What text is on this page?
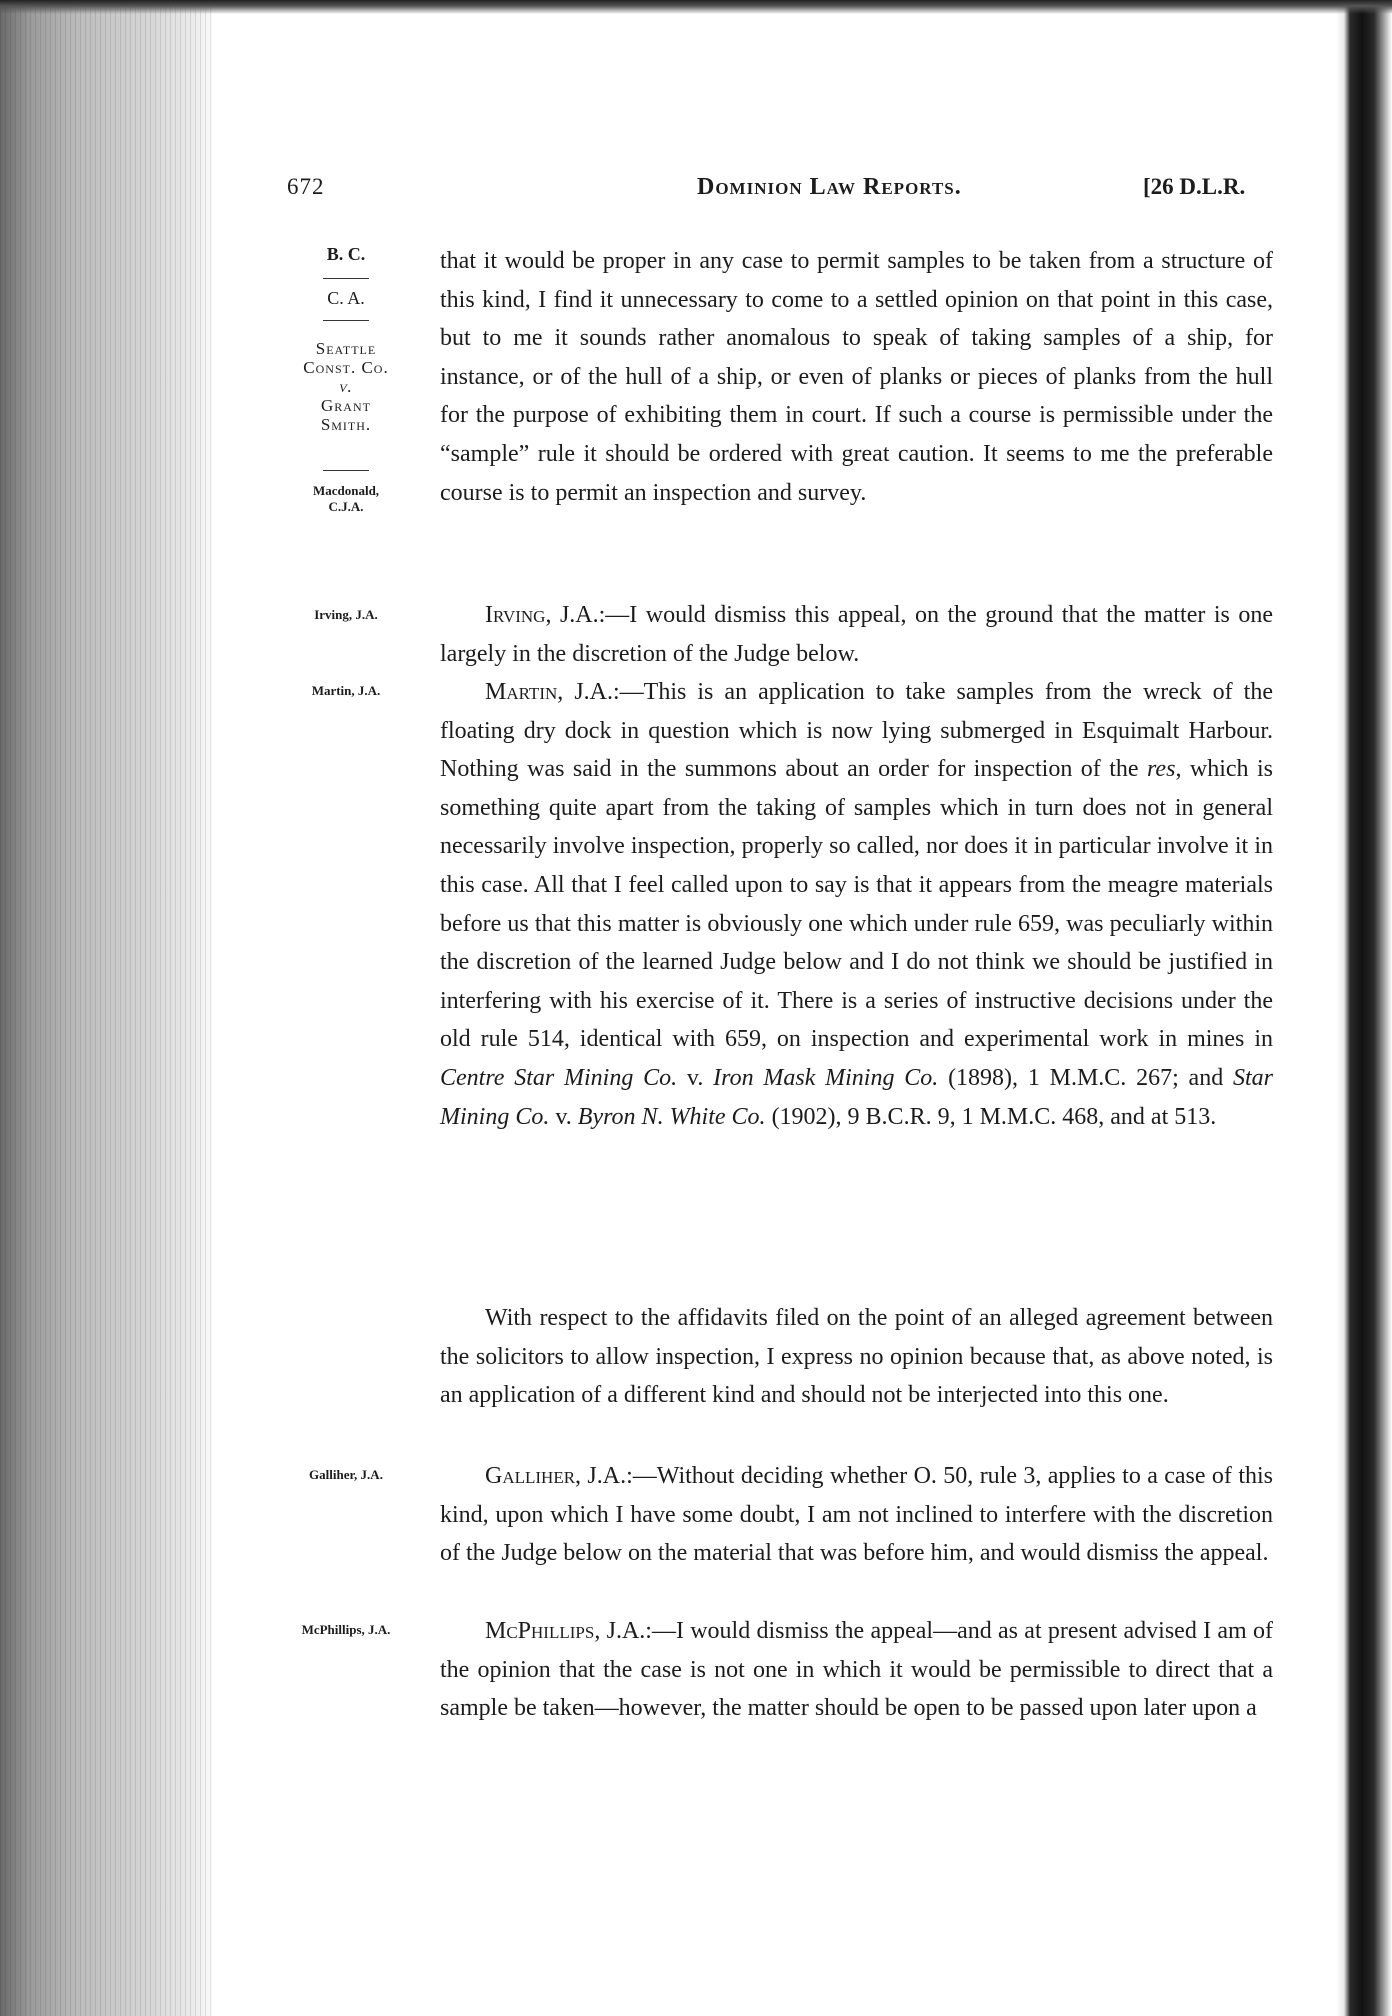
672	Dominion Law Reports.	[26 D.L.R.
B. C.
C. A.
Seattle
Const. Co.
v.
Grant
Smith.
Macdonald,
C.J.A.
Irving, J.A.
Martin, J.A.
Galliher, J.A.
McPhillips, J.A.

that it would be proper in any case to permit samples to be taken from a structure of this kind, I find it unnecessary to come to a settled opinion on that point in this case, but to me it sounds rather anomalous to speak of taking samples of a ship, for instance, or of the hull of a ship, or even of planks or pieces of planks from the hull for the purpose of exhibiting them in court. If such a course is permissible under the “sample” rule it should be ordered with great caution. It seems to me the preferable course is to permit an inspection and survey.

Irving, J.A.:—I would dismiss this appeal, on the ground that the matter is one largely in the discretion of the Judge below.

Martin, J.A.:—This is an application to take samples from the wreck of the floating dry dock in question which is now lying submerged in Esquimalt Harbour. Nothing was said in the summons about an order for inspection of the res, which is something quite apart from the taking of samples which in turn does not in general necessarily involve inspection, properly so called, nor does it in particular involve it in this case. All that I feel called upon to say is that it appears from the meagre materials before us that this matter is obviously one which under rule 659, was peculiarly within the discretion of the learned Judge below and I do not think we should be justified in interfering with his exercise of it. There is a series of instructive decisions under the old rule 514, identical with 659, on inspection and experimental work in mines in Centre Star Mining Co. v. Iron Mask Mining Co. (1898), 1 M.M.C. 267; and Star Mining Co. v. Byron N. White Co. (1902), 9 B.C.R. 9, 1 M.M.C. 468, and at 513.

With respect to the affidavits filed on the point of an alleged agreement between the solicitors to allow inspection, I express no opinion because that, as above noted, is an application of a different kind and should not be interjected into this one.

Galliher, J.A.:—Without deciding whether O. 50, rule 3, applies to a case of this kind, upon which I have some doubt, I am not inclined to interfere with the discretion of the Judge below on the material that was before him, and would dismiss the appeal.

McPhillips, J.A.:—I would dismiss the appeal—and as at present advised I am of the opinion that the case is not one in which it would be permissible to direct that a sample be taken—however, the matter should be open to be passed upon later upon a
